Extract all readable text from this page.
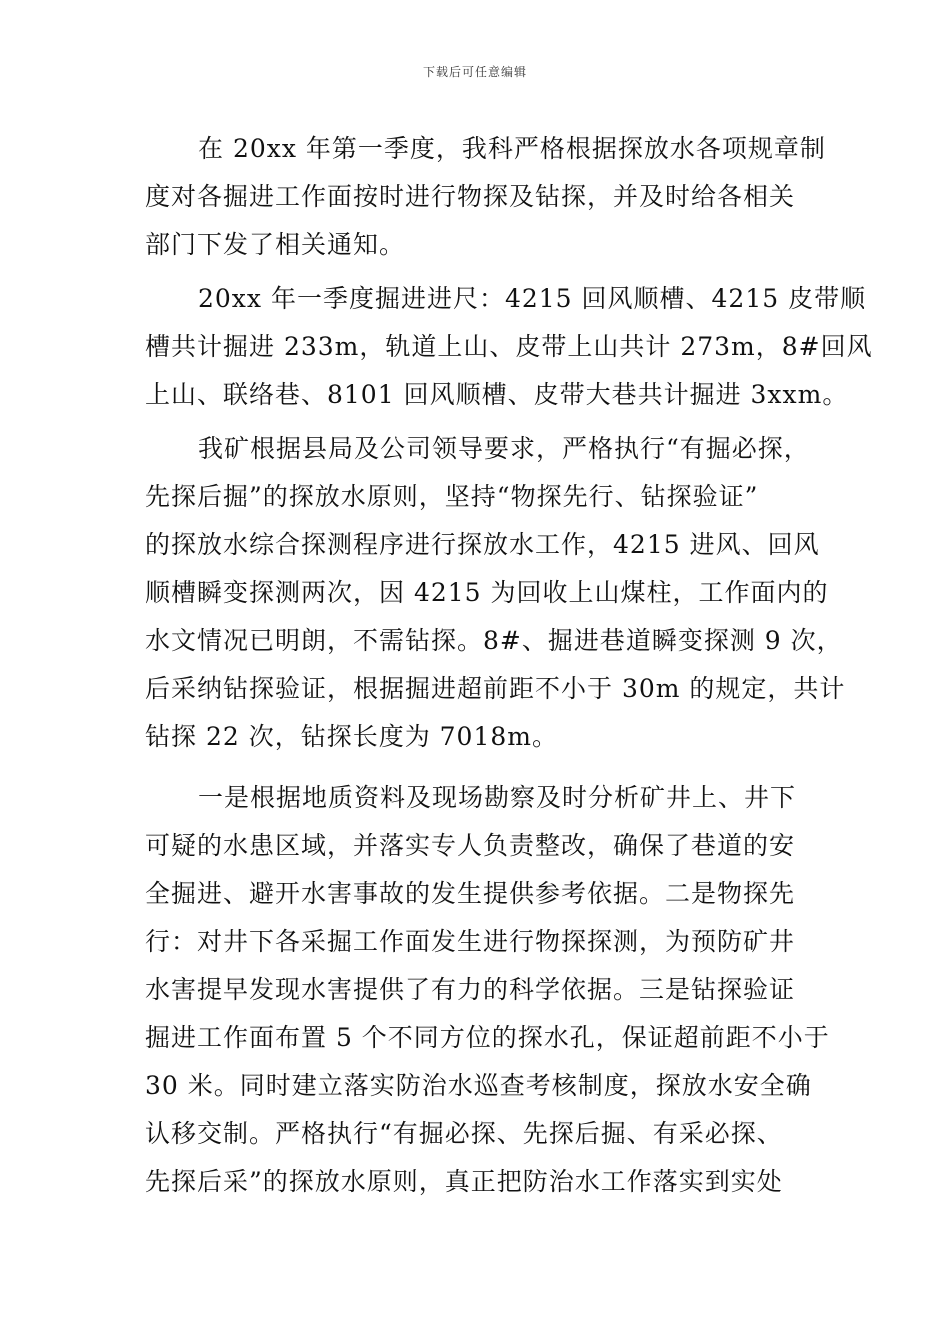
下载后可任意编辑
在 20xx 年第一季度，我科严格根据探放水各项规章制
度对各掘进工作面按时进行物探及钻探，并及时给各相关
部门下发了相关通知。
20xx 年一季度掘进进尺：4215 回风顺槽、4215 皮带顺
槽共计掘进 233m，轨道上山、皮带上山共计 273m，8#回风
上山、联络巷、8101 回风顺槽、皮带大巷共计掘进 3xxm。
我矿根据县局及公司领导要求，严格执行“有掘必探，
先探后掘”的探放水原则，坚持“物探先行、钻探验证”
的探放水综合探测程序进行探放水工作，4215 进风、回风
顺槽瞬变探测两次，因 4215 为回收上山煤柱，工作面内的
水文情况已明朗，不需钻探。8#、掘进巷道瞬变探测 9 次，
后采纳钻探验证，根据掘进超前距不小于 30m 的规定，共计
钻探 22 次，钻探长度为 7018m。
一是根据地质资料及现场勘察及时分析矿井上、井下
可疑的水患区域，并落实专人负责整改，确保了巷道的安
全掘进、避开水害事故的发生提供参考依据。二是物探先
行：对井下各采掘工作面发生进行物探探测，为预防矿井
水害提早发现水害提供了有力的科学依据。三是钻探验证
掘进工作面布置 5 个不同方位的探水孔，保证超前距不小于
30 米。同时建立落实防治水巡查考核制度，探放水安全确
认移交制。严格执行“有掘必探、先探后掘、有采必探、
先探后采”的探放水原则，真正把防治水工作落实到实处
